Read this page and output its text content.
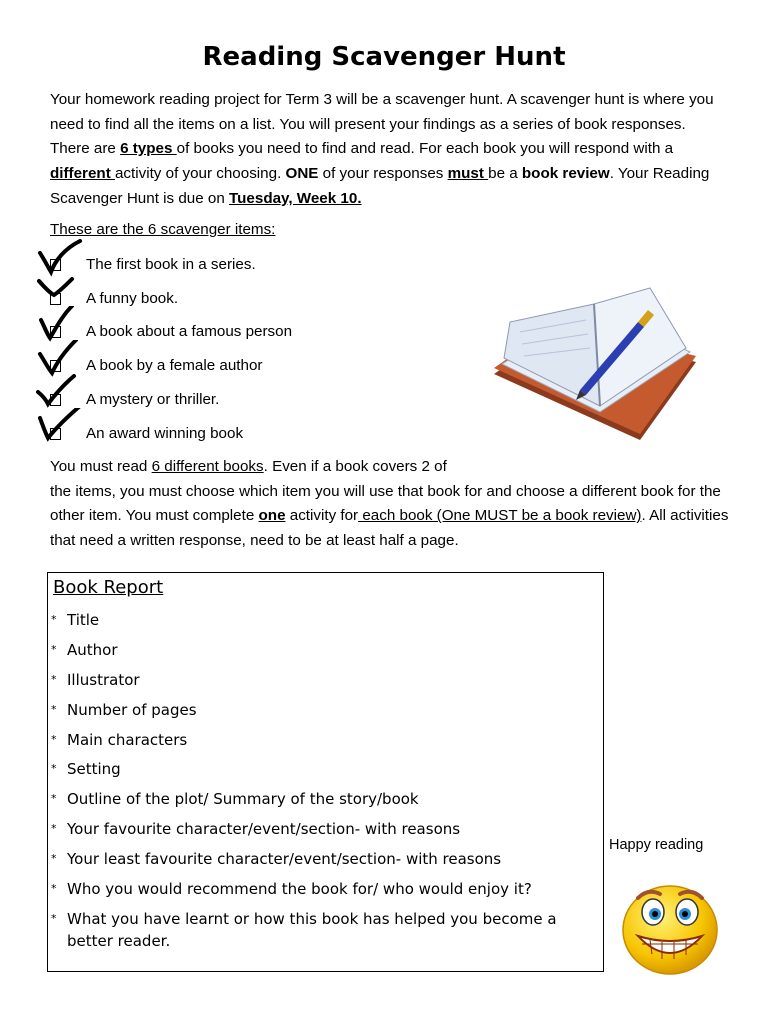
Reading Scavenger Hunt
Your homework reading project for Term 3 will be a scavenger hunt. A scavenger hunt is where you need to find all the items on a list. You will present your findings as a series of book responses. There are 6 types of books you need to find and read. For each book you will respond with a different activity of your choosing. ONE of your responses must be a book review. Your Reading Scavenger Hunt is due on Tuesday, Week 10.
These are the 6 scavenger items:
The first book in a series.
A funny book.
A book about a famous person
A book by a female author
A mystery or thriller.
An award winning book
You must read 6 different books. Even if a book covers 2 of
the items, you must choose which item you will use that book for and choose a different book for the other item. You must complete one activity for each book (One MUST be a book review). All activities that need a written response, need to be at least half a page.
Book Report
* Title
* Author
* Illustrator
* Number of pages
* Main characters
* Setting
* Outline of the plot/ Summary of the story/book
* Your favourite character/event/section- with reasons
* Your least favourite character/event/section- with reasons
* Who you would recommend the book for/ who would enjoy it?
* What you have learnt or how this book has helped you become a better reader.
Happy reading
